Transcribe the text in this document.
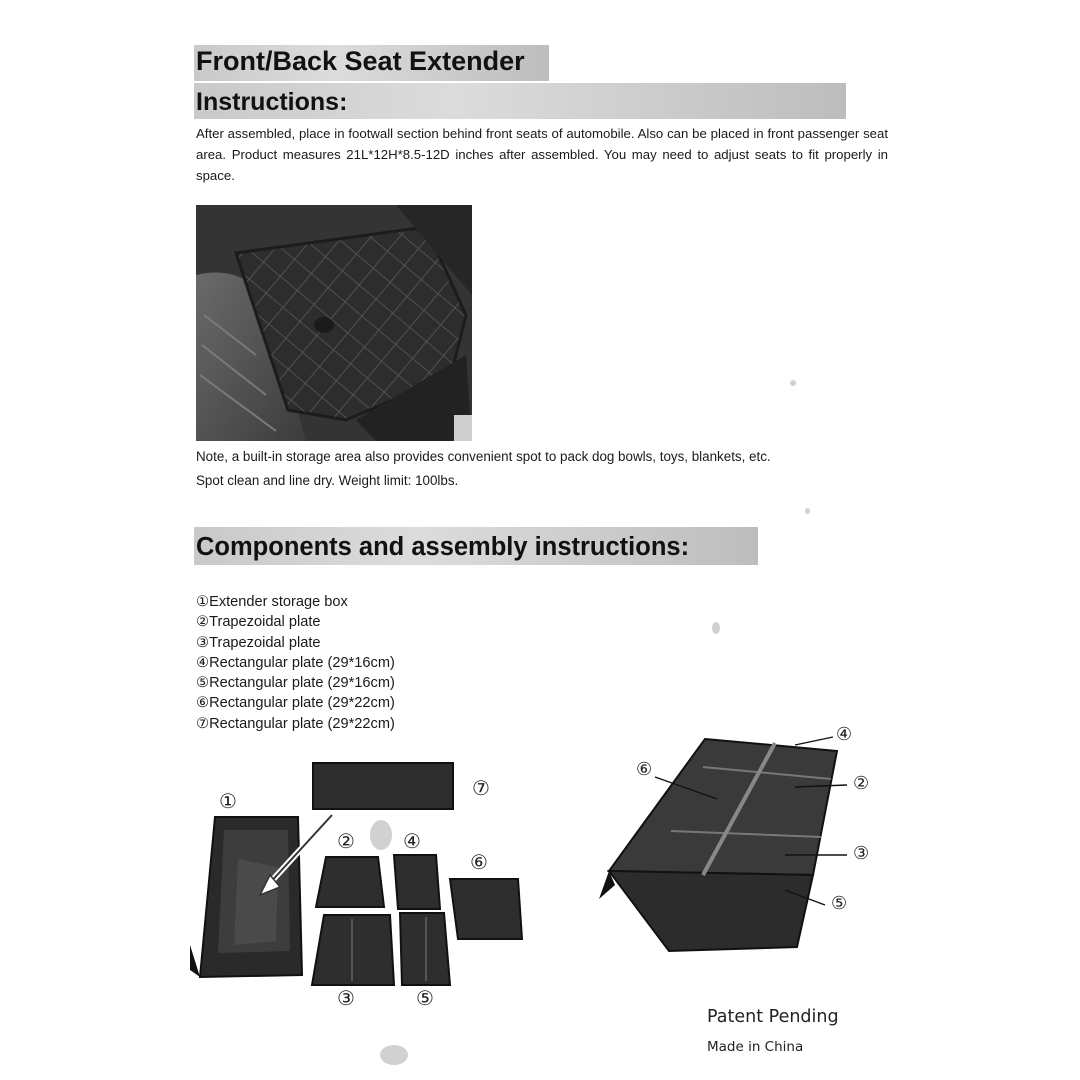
Front/Back Seat Extender
Instructions:
After assembled, place in footwall section behind front seats of automobile. Also can be placed in front passenger seat area. Product measures 21L*12H*8.5-12D inches after assembled. You may need to adjust seats to fit properly in space.
Note, a built-in storage area also provides convenient spot to pack dog bowls, toys, blankets, etc.
Spot clean and line dry. Weight limit: 100lbs.
Components and assembly instructions:
①Extender storage box
②Trapezoidal plate
③Trapezoidal plate
④Rectangular plate (29*16cm)
⑤Rectangular plate (29*16cm)
⑥Rectangular plate (29*22cm)
⑦Rectangular plate (29*22cm)
①
②
③
④
⑤
⑥
⑦
④
⑥
②
③
⑤
Patent Pending
Made in China
